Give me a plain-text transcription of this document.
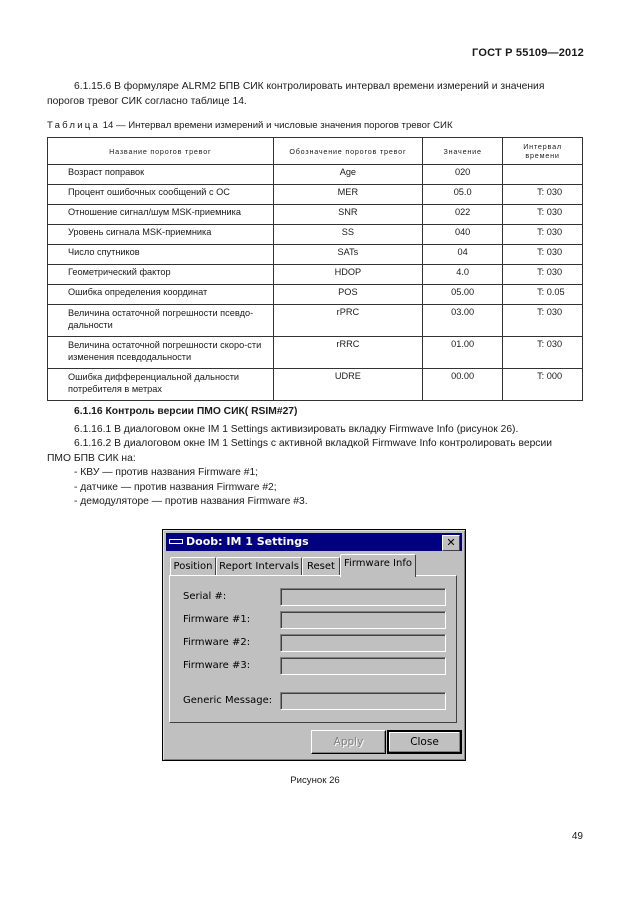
ГОСТ Р 55109—2012
6.1.15.6 В формуляре ALRM2 БПВ СИК контролировать интервал времени измерений и значения
порогов тревог СИК согласно таблице 14.
Таблица 14 — Интервал времени измерений и числовые значения порогов тревог СИК
Название порогов тревог	Обозначение порогов тревог	Значение	Интервал времени
Возраст поправок	Age	020	
Процент ошибочных сообщений с ОС	MER	05.0	T: 030
Отношение сигнал/шум MSK-приемника	SNR	022	T: 030
Уровень сигнала MSK-приемника	SS	040	T: 030
Число спутников	SATs	04	T: 030
Геометрический фактор	HDOP	4.0	T: 030
Ошибка определения координат	POS	05.00	T: 0.05
Величина остаточной погрешности псевдо-дальности	rPRC	03.00	T: 030
Величина остаточной погрешности скоро-сти изменения псевдодальности	rRRC	01.00	T: 030
Ошибка дифференциальной дальности потребителя в метрах	UDRE	00.00	T: 000
6.1.16 Контроль версии ПМО СИК( RSIM#27)
6.1.16.1 В диалоговом окне IM 1 Settings активизировать вкладку Firmwave Info (рисунок 26).
6.1.16.2 В диалоговом окне IM 1 Settings с активной вкладкой Firmwave Info контролировать версии
ПМО БПВ СИК на:
- КВУ — против названия Firmware #1;
- датчике — против названия Firmware #2;
- демодуляторе — против названия Firmware #3.
Doob: IM 1 Settings	✕
Position Report Intervals Reset Firmware Info
Serial #:
Firmware #1:
Firmware #2:
Firmware #3:
Generic Message:
Apply	Close
Рисунок 26
49
